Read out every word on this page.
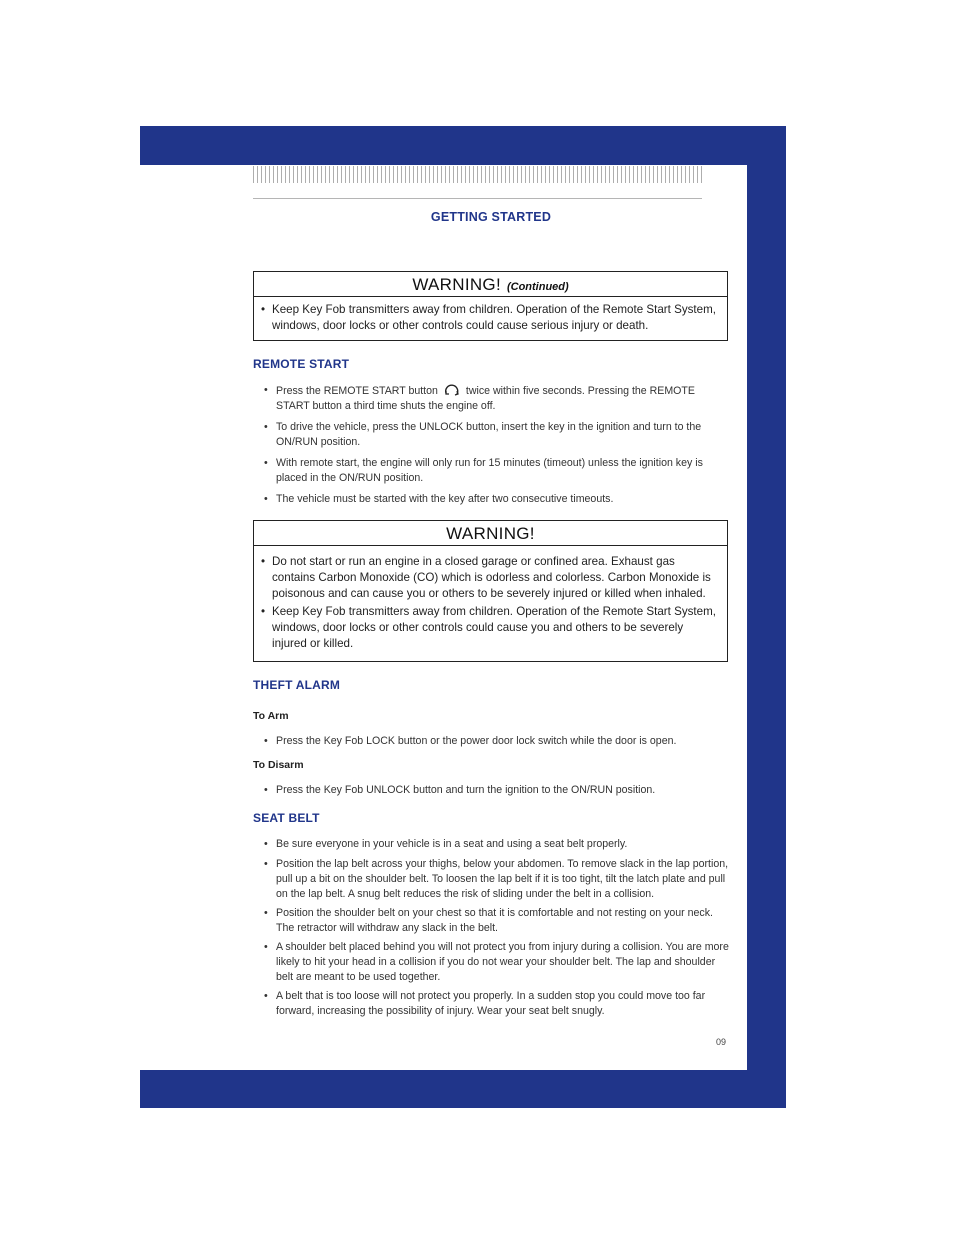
GETTING STARTED
WARNING! (Continued)
• Keep Key Fob transmitters away from children. Operation of the Remote Start System, windows, door locks or other controls could cause serious injury or death.
REMOTE START
• Press the REMOTE START button	twice within five seconds. Pressing the REMOTE START button a third time shuts the engine off.
• To drive the vehicle, press the UNLOCK button, insert the key in the ignition and turn to the ON/RUN position.
• With remote start, the engine will only run for 15 minutes (timeout) unless the ignition key is placed in the ON/RUN position.
• The vehicle must be started with the key after two consecutive timeouts.
WARNING!
• Do not start or run an engine in a closed garage or confined area. Exhaust gas contains Carbon Monoxide (CO) which is odorless and colorless. Carbon Monoxide is poisonous and can cause you or others to be severely injured or killed when inhaled.
• Keep Key Fob transmitters away from children. Operation of the Remote Start System, windows, door locks or other controls could cause you and others to be severely injured or killed.
THEFT ALARM
To Arm
• Press the Key Fob LOCK button or the power door lock switch while the door is open.
To Disarm
• Press the Key Fob UNLOCK button and turn the ignition to the ON/RUN position.
SEAT BELT
• Be sure everyone in your vehicle is in a seat and using a seat belt properly.
• Position the lap belt across your thighs, below your abdomen. To remove slack in the lap portion, pull up a bit on the shoulder belt. To loosen the lap belt if it is too tight, tilt the latch plate and pull on the lap belt. A snug belt reduces the risk of sliding under the belt in a collision.
• Position the shoulder belt on your chest so that it is comfortable and not resting on your neck. The retractor will withdraw any slack in the belt.
• A shoulder belt placed behind you will not protect you from injury during a collision. You are more likely to hit your head in a collision if you do not wear your shoulder belt. The lap and shoulder belt are meant to be used together.
• A belt that is too loose will not protect you properly. In a sudden stop you could move too far forward, increasing the possibility of injury. Wear your seat belt snugly.
09
